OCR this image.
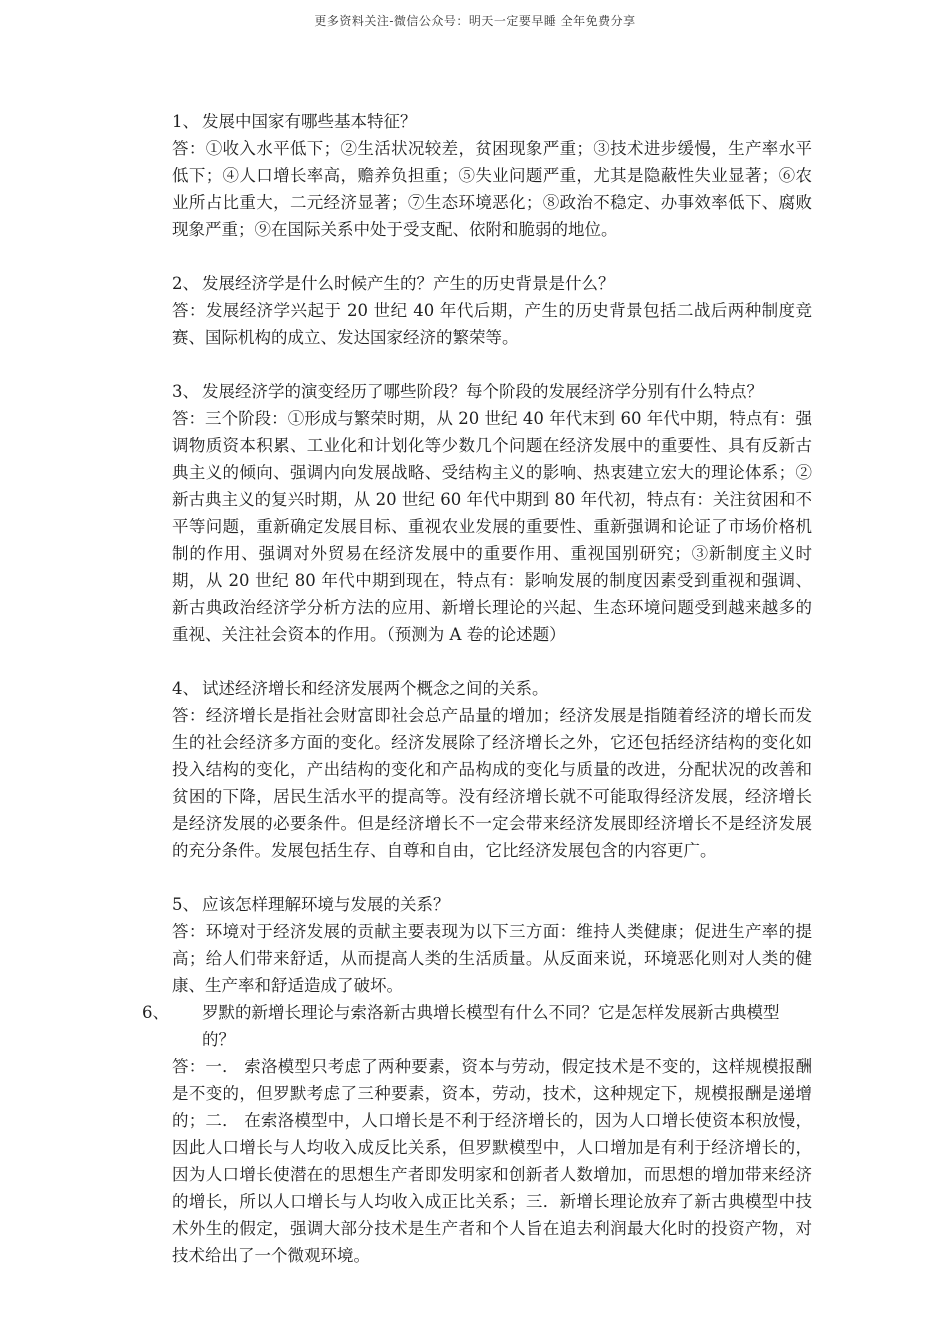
更多资料关注-微信公众号：明天一定要早睡 全年免费分享

1、 发展中国家有哪些基本特征？

答：①收入水平低下；②生活状况较差，贫困现象严重；③技术进步缓慢，生产率水平低下；④人口增长率高，赡养负担重；⑤失业问题严重，尤其是隐蔽性失业显著；⑥农业所占比重大，二元经济显著；⑦生态环境恶化；⑧政治不稳定、办事效率低下、腐败现象严重；⑨在国际关系中处于受支配、依附和脆弱的地位。

2、 发展经济学是什么时候产生的？产生的历史背景是什么？

答：发展经济学兴起于 20 世纪 40 年代后期，产生的历史背景包括二战后两种制度竞赛、国际机构的成立、发达国家经济的繁荣等。

3、 发展经济学的演变经历了哪些阶段？每个阶段的发展经济学分别有什么特点？

答：三个阶段：①形成与繁荣时期，从 20 世纪 40 年代末到 60 年代中期，特点有：强调物质资本积累、工业化和计划化等少数几个问题在经济发展中的重要性、具有反新古典主义的倾向、强调内向发展战略、受结构主义的影响、热衷建立宏大的理论体系；②新古典主义的复兴时期，从 20 世纪 60 年代中期到 80 年代初，特点有：关注贫困和不平等问题，重新确定发展目标、重视农业发展的重要性、重新强调和论证了市场价格机制的作用、强调对外贸易在经济发展中的重要作用、重视国别研究；③新制度主义时期，从 20 世纪 80 年代中期到现在，特点有：影响发展的制度因素受到重视和强调、新古典政治经济学分析方法的应用、新增长理论的兴起、生态环境问题受到越来越多的重视、关注社会资本的作用。（预测为 A 卷的论述题）

4、 试述经济增长和经济发展两个概念之间的关系。

答：经济增长是指社会财富即社会总产品量的增加；经济发展是指随着经济的增长而发生的社会经济多方面的变化。经济发展除了经济增长之外，它还包括经济结构的变化如投入结构的变化，产出结构的变化和产品构成的变化与质量的改进，分配状况的改善和贫困的下降，居民生活水平的提高等。没有经济增长就不可能取得经济发展，经济增长是经济发展的必要条件。但是经济增长不一定会带来经济发展即经济增长不是经济发展的充分条件。发展包括生存、自尊和自由，它比经济发展包含的内容更广。

5、 应该怎样理解环境与发展的关系？

答：环境对于经济发展的贡献主要表现为以下三方面：维持人类健康；促进生产率的提高；给人们带来舒适，从而提高人类的生活质量。从反面来说，环境恶化则对人类的健康、生产率和舒适造成了破坏。

6、 罗默的新增长理论与索洛新古典增长模型有什么不同？它是怎样发展新古典模型的？

答：一． 索洛模型只考虑了两种要素，资本与劳动，假定技术是不变的，这样规模报酬是不变的，但罗默考虑了三种要素，资本，劳动，技术，这种规定下，规模报酬是递增的；二． 在索洛模型中，人口增长是不利于经济增长的，因为人口增长使资本积放慢，因此人口增长与人均收入成反比关系，但罗默模型中，人口增加是有利于经济增长的，因为人口增长使潜在的思想生产者即发明家和创新者人数增加，而思想的增加带来经济的增长，所以人口增长与人均收入成正比关系；三．新增长理论放弃了新古典模型中技术外生的假定，强调大部分技术是生产者和个人旨在追去利润最大化时的投资产物，对技术给出了一个微观环境。
